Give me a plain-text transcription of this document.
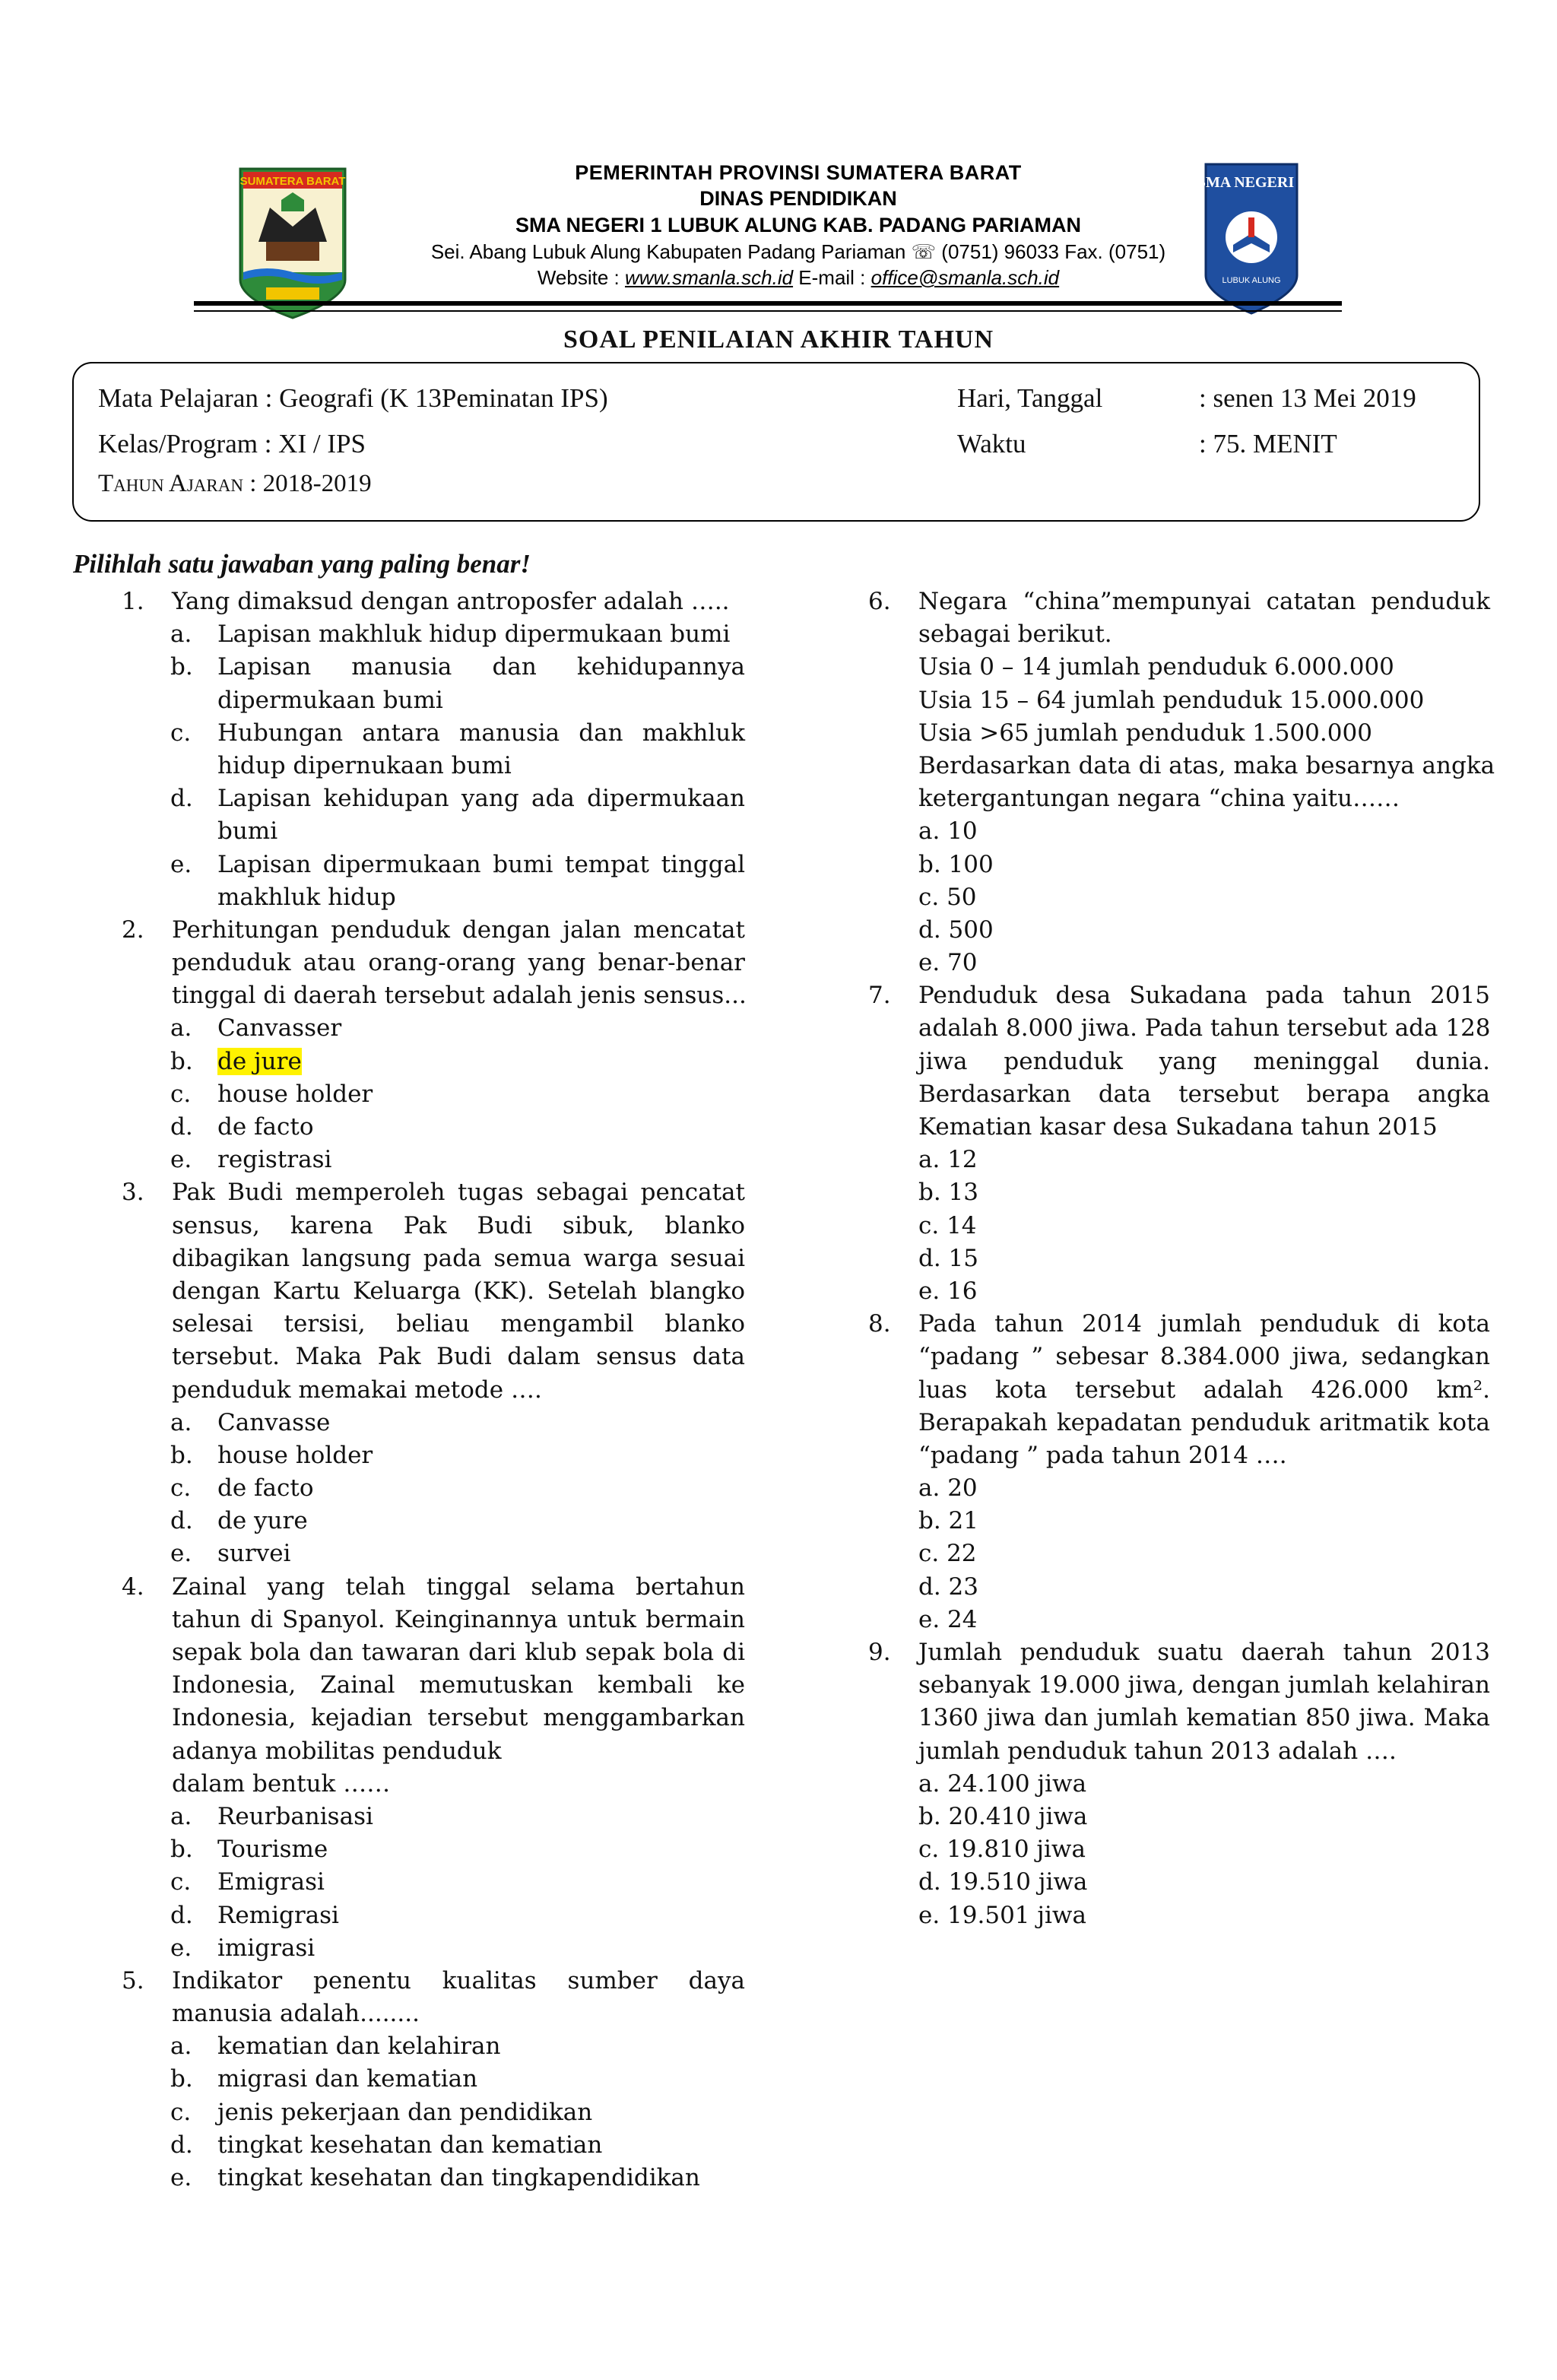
SUMATERA BARAT	SMA NEGERI 1
LUBUK ALUNG
PEMERINTAH PROVINSI SUMATERA BARAT
DINAS PENDIDIKAN
SMA NEGERI 1 LUBUK ALUNG KAB. PADANG PARIAMAN
Sei. Abang Lubuk Alung Kabupaten Padang Pariaman ☏ (0751) 96033 Fax. (0751)
Website : www.smanla.sch.id E-mail : office@smanla.sch.id
SOAL PENILAIAN AKHIR TAHUN
Mata Pelajaran : Geografi (K 13Peminatan IPS)
Kelas/Program : XI / IPS
Tahun Ajaran : 2018-2019
Hari, Tanggal	: senen 13 Mei 2019
Waktu	: 75. MENIT
Pilihlah satu jawaban yang paling benar!
1. Yang dimaksud dengan antroposfer adalah …..
a. Lapisan makhluk hidup dipermukaan bumi
b. Lapisan manusia dan kehidupannya
dipermukaan bumi
c. Hubungan antara manusia dan makhluk
hidup dipernukaan bumi
d. Lapisan kehidupan yang ada dipermukaan
bumi
e. Lapisan dipermukaan bumi tempat tinggal
makhluk hidup
2. Perhitungan penduduk dengan jalan mencatat
penduduk atau orang-orang yang benar-benar
tinggal di daerah tersebut adalah jenis sensus...
a. Canvasser
b. de jure
c. house holder
d. de facto
e. registrasi
3. Pak Budi memperoleh tugas sebagai pencatat
sensus, karena Pak Budi sibuk, blanko
dibagikan langsung pada semua warga sesuai
dengan Kartu Keluarga (KK). Setelah blangko
selesai tersisi, beliau mengambil blanko
tersebut. Maka Pak Budi dalam sensus data
penduduk memakai metode ….
a. Canvasse
b. house holder
c. de facto
d. de yure
e. survei
4. Zainal yang telah tinggal selama bertahun
tahun di Spanyol. Keinginannya untuk bermain
sepak bola dan tawaran dari klub sepak bola di
Indonesia, Zainal memutuskan kembali ke
Indonesia, kejadian tersebut menggambarkan
adanya mobilitas penduduk
dalam bentuk ……
a. Reurbanisasi
b. Tourisme
c. Emigrasi
d. Remigrasi
e. imigrasi
5. Indikator penentu kualitas sumber daya
manusia adalah........
a. kematian dan kelahiran
b. migrasi dan kematian
c. jenis pekerjaan dan pendidikan
d. tingkat kesehatan dan kematian
e. tingkat kesehatan dan tingkapendidikan
6. Negara “china”mempunyai catatan penduduk
sebagai berikut.
Usia 0 – 14 jumlah penduduk 6.000.000
Usia 15 – 64 jumlah penduduk 15.000.000
Usia >65 jumlah penduduk 1.500.000
Berdasarkan data di atas, maka besarnya angka
ketergantungan negara “china yaitu……
a. 10
b. 100
c. 50
d. 500
e. 70
7. Penduduk desa Sukadana pada tahun 2015
adalah 8.000 jiwa. Pada tahun tersebut ada 128
jiwa penduduk yang meninggal dunia.
Berdasarkan data tersebut berapa angka
Kematian kasar desa Sukadana tahun 2015
a. 12
b. 13
c. 14
d. 15
e. 16
8. Pada tahun 2014 jumlah penduduk di kota
“padang ” sebesar 8.384.000 jiwa, sedangkan
luas kota tersebut adalah 426.000 km².
Berapakah kepadatan penduduk aritmatik kota
“padang ” pada tahun 2014 ….
a. 20
b. 21
c. 22
d. 23
e. 24
9. Jumlah penduduk suatu daerah tahun 2013
sebanyak 19.000 jiwa, dengan jumlah kelahiran
1360 jiwa dan jumlah kematian 850 jiwa. Maka
jumlah penduduk tahun 2013 adalah ….
a. 24.100 jiwa
b. 20.410 jiwa
c. 19.810 jiwa
d. 19.510 jiwa
e. 19.501 jiwa
